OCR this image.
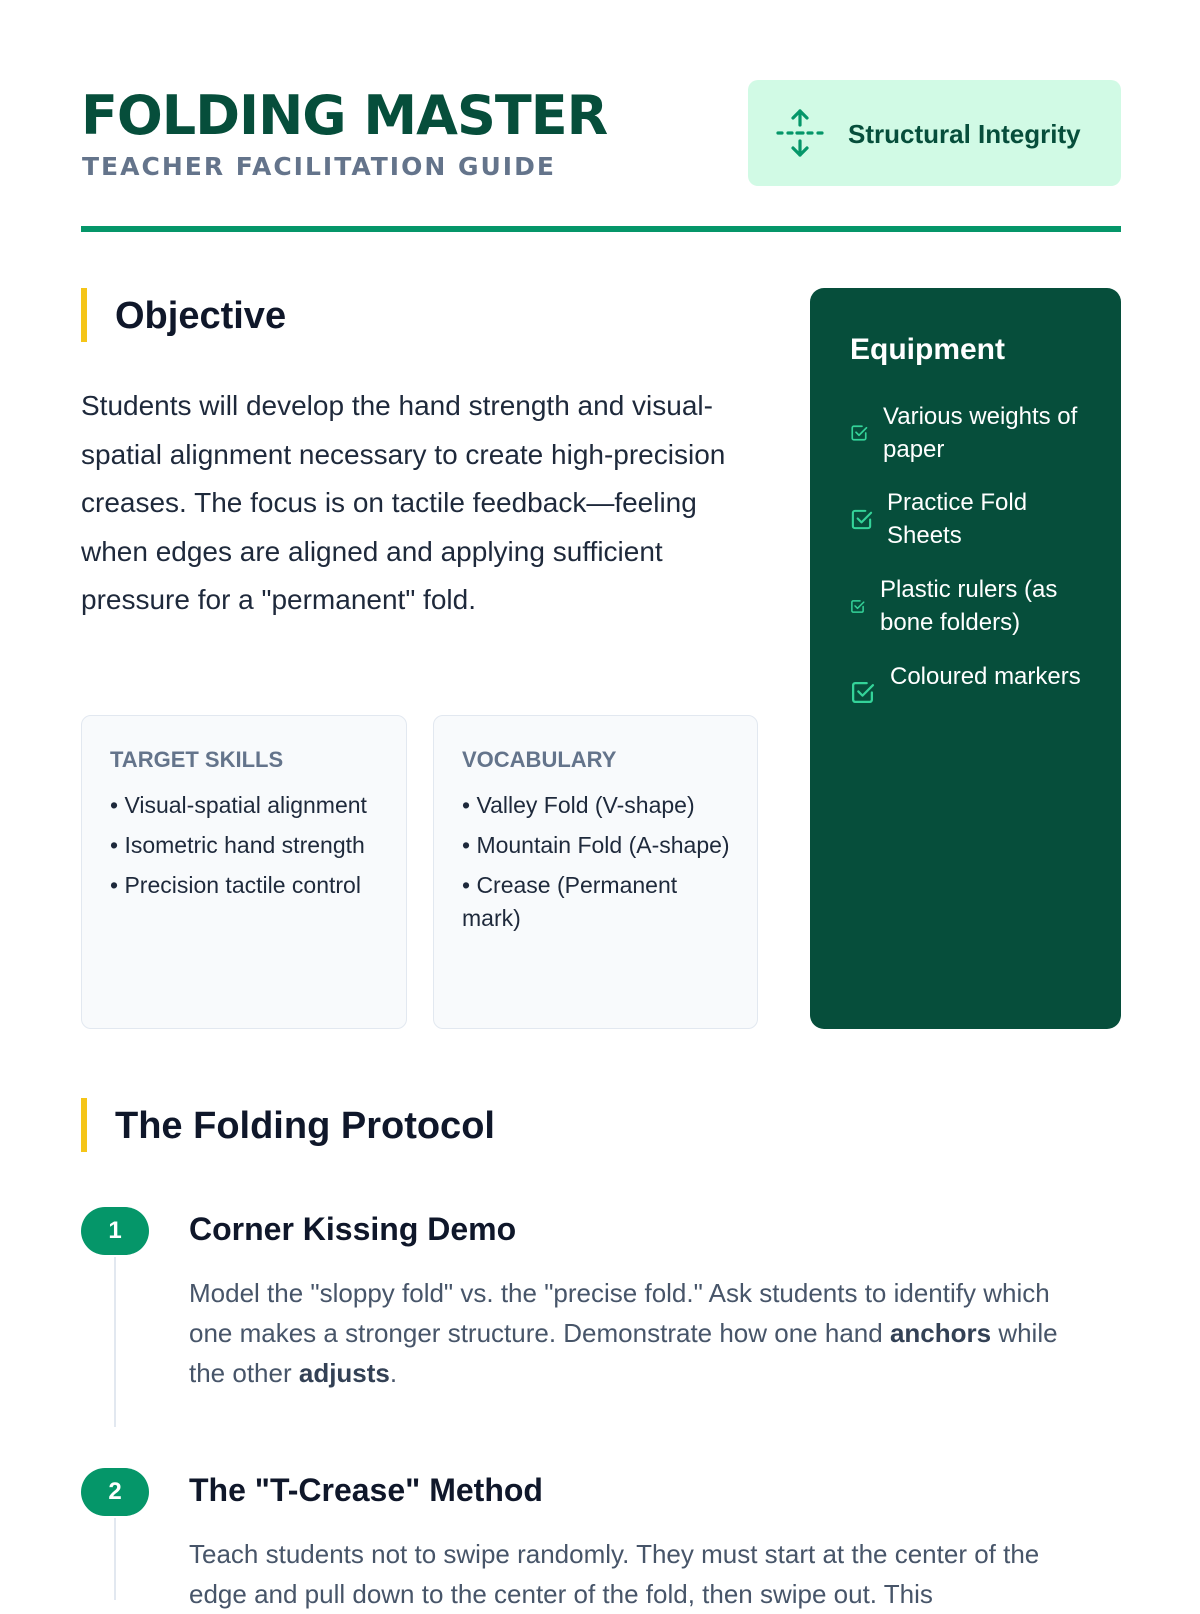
FOLDING MASTER
TEACHER FACILITATION GUIDE
Structural Integrity
Objective
Students will develop the hand strength and visual-spatial alignment necessary to create high-precision creases. The focus is on tactile feedback—feeling when edges are aligned and applying sufficient pressure for a "permanent" fold.
TARGET SKILLS
• Visual-spatial alignment
• Isometric hand strength
• Precision tactile control
VOCABULARY
• Valley Fold (V-shape)
• Mountain Fold (A-shape)
• Crease (Permanent mark)
Equipment
Various weights of paper
Practice Fold Sheets
Plastic rulers (as bone folders)
Coloured markers
The Folding Protocol
1	Corner Kissing Demo
Model the "sloppy fold" vs. the "precise fold." Ask students to identify which one makes a stronger structure. Demonstrate how one hand anchors while the other adjusts.
2	The "T-Crease" Method
Teach students not to swipe randomly. They must start at the center of the edge and pull down to the center of the fold, then swipe out. This
